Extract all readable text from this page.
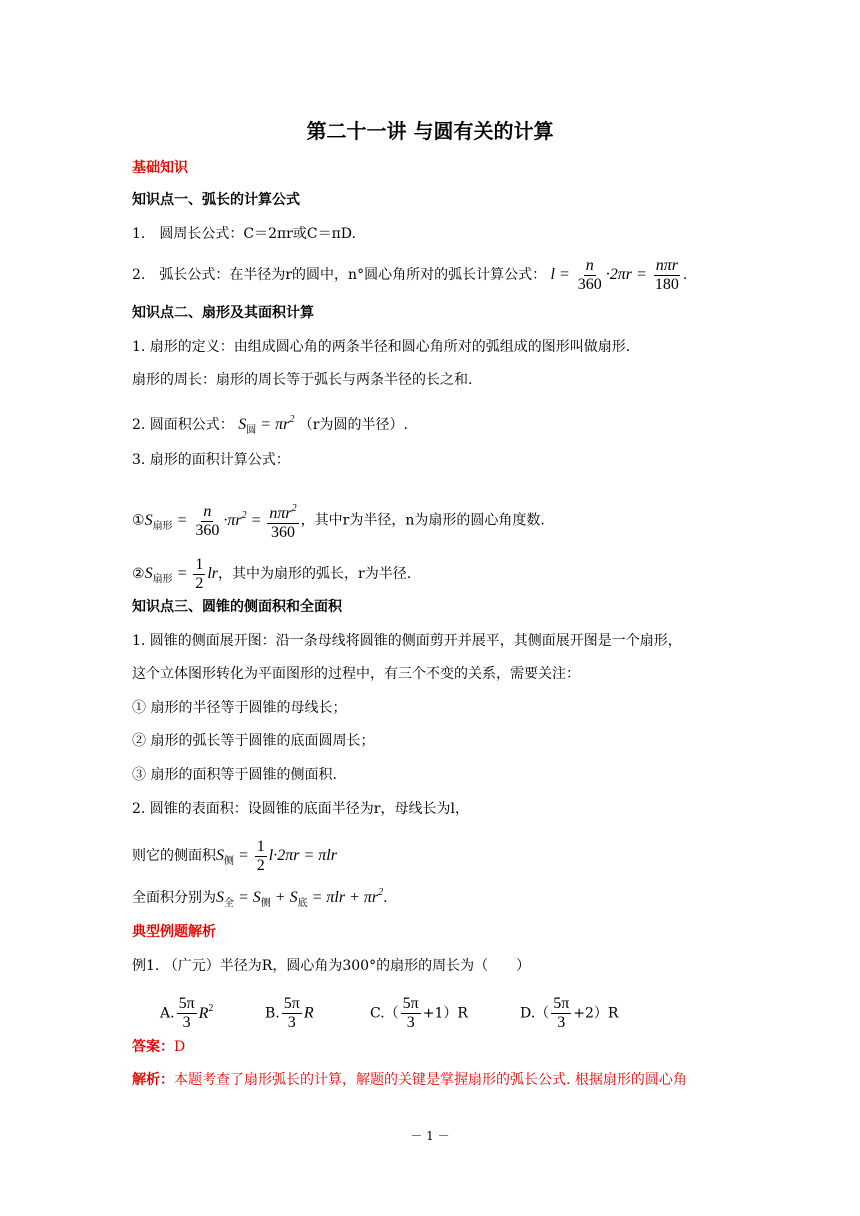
第二十一讲 与圆有关的计算
基础知识
知识点一、弧长的计算公式
1.　圆周长公式：C＝2πr或C＝πD.
2.　弧长公式：在半径为r的圆中，n°圆心角所对的弧长计算公式： $l = \frac{n}{360} \cdot 2\pi r = \frac{\text{nπr}}{180}$ .
知识点二、扇形及其面积计算
1. 扇形的定义：由组成圆心角的两条半径和圆心角所对的弧组成的图形叫做扇形.
扇形的周长：扇形的周长等于弧长与两条半径的长之和.
2. 圆面积公式： $S_圆 = \pi r^2$ （r为圆的半径）.
3. 扇形的面积计算公式：
$①S_{扇形} = \frac{n}{360} \cdot\pi r^2 = \frac{n\pi r^2}{360}$ ，其中r为半径，n为扇形的圆心角度数.
$②S_{扇形} = \frac{1}{2}$ lr，其中为扇形的弧长，r为半径.
知识点三、圆锥的侧面积和全面积
1. 圆锥的侧面展开图：沿一条母线将圆锥的侧面剪开并展平，其侧面展开图是一个扇形，
这个立体图形转化为平面图形的过程中，有三个不变的关系，需要关注：
① 扇形的半径等于圆锥的母线长；
② 扇形的弧长等于圆锥的底面圆周长；
③ 扇形的面积等于圆锥的侧面积.
2. 圆锥的表面积：设圆锥的底面半径为r，母线长为l，
则它的侧面积$S_侧 = \frac{1}{2} l\cdot 2\pi r = \pi lr$
全面积分别为$S_全 = S_侧 + S_底 = \pi lr + \pi r^2$.
典型例题解析
例1. （广元）半径为R，圆心角为300°的扇形的周长为（　　）
A. $\frac{5\pi}{3} R^2$	B. $\frac{5\pi}{3}$ R	$C.( \frac{5\pi}{3} +1)R$	$D.( \frac{5\pi}{3} +2)R$
答案：D
解析：本题考查了扇形弧长的计算，解题的关键是掌握扇形的弧长公式. 根据扇形的圆心角
－ 1 －
